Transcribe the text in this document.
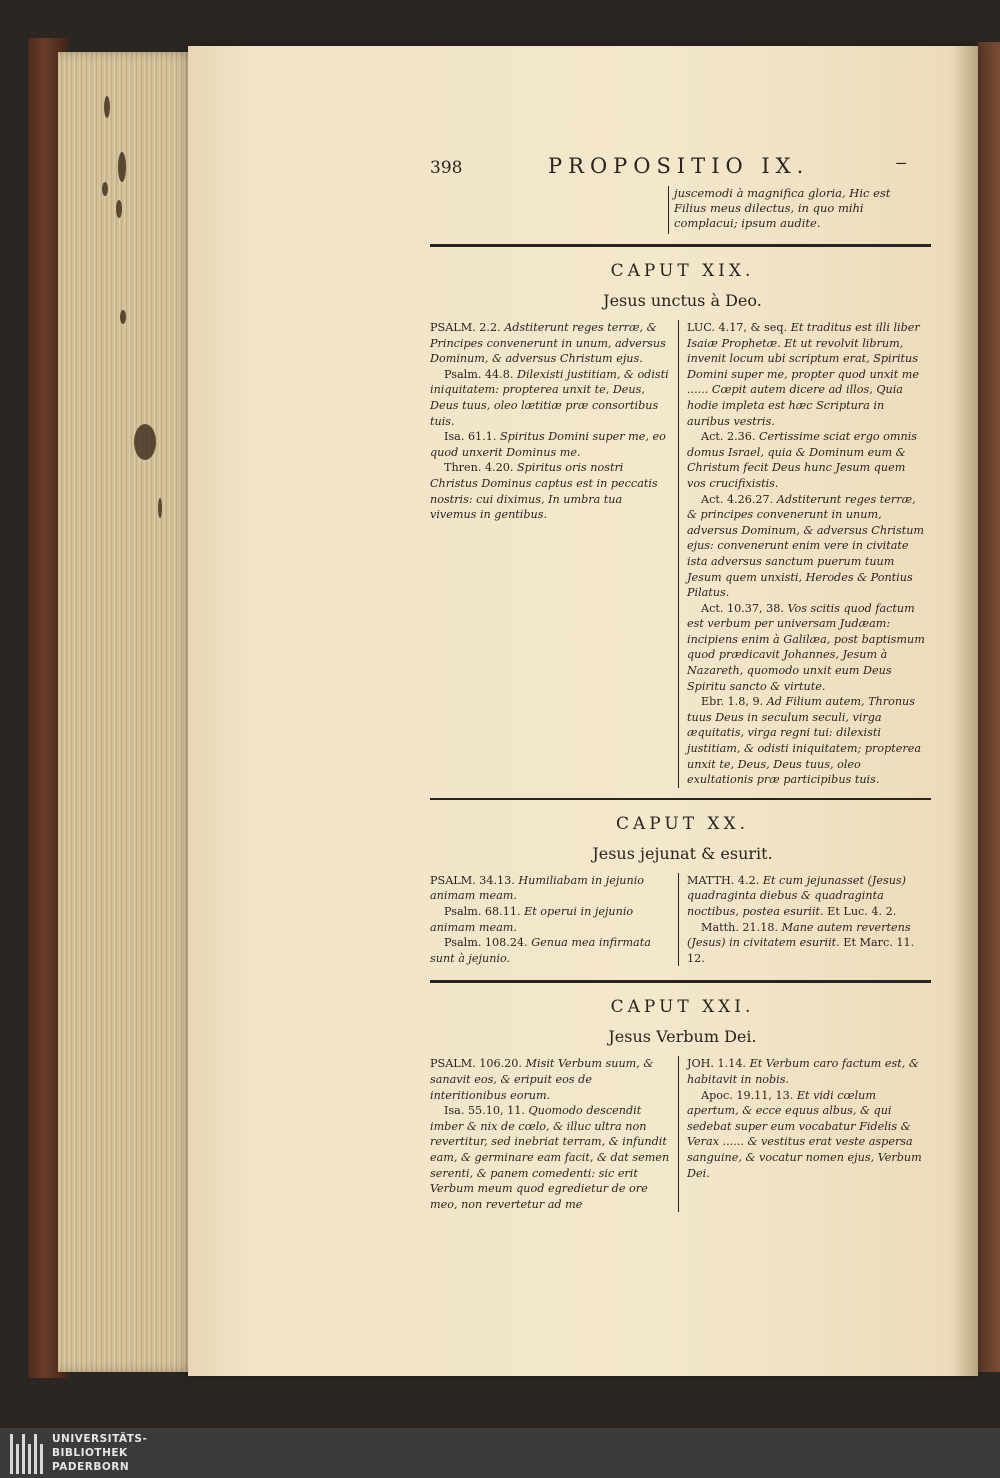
398	PROPOSITIO IX.	‒
juscemodi à magnifica gloria, Hic est Filius meus dilectus, in quo mihi complacui; ipsum audite.
CAPUT XIX.
Jesus unctus à Deo.

PSALM. 2.2. Adstiterunt reges terræ, & Principes convenerunt in unum, adversus Dominum, & adversus Christum ejus.

Psalm. 44.8. Dilexisti justitiam, & odisti iniquitatem: propterea unxit te, Deus, Deus tuus, oleo lætitiæ præ consortibus tuis.

Isa. 61.1. Spiritus Domini super me, eo quod unxerit Dominus me.

Thren. 4.20. Spiritus oris nostri Christus Dominus captus est in peccatis nostris: cui diximus, In umbra tua vivemus in gentibus.

LUC. 4.17, & seq. Et traditus est illi liber Isaiæ Prophetæ. Et ut revolvit librum, invenit locum ubi scriptum erat, Spiritus Domini super me, propter quod unxit me ...... Cœpit autem dicere ad illos, Quia hodie impleta est hæc Scriptura in auribus vestris.

Act. 2.36. Certissime sciat ergo omnis domus Israel, quia & Dominum eum & Christum fecit Deus hunc Jesum quem vos crucifixistis.

Act. 4.26.27. Adstiterunt reges terræ, & principes convenerunt in unum, adversus Dominum, & adversus Christum ejus: convenerunt enim vere in civitate ista adversus sanctum puerum tuum Jesum quem unxisti, Herodes & Pontius Pilatus.

Act. 10.37, 38. Vos scitis quod factum est verbum per universam Judæam: incipiens enim à Galilæa, post baptismum quod prædicavit Johannes, Jesum à Nazareth, quomodo unxit eum Deus Spiritu sancto & virtute.

Ebr. 1.8, 9. Ad Filium autem, Thronus tuus Deus in seculum seculi, virga æquitatis, virga regni tui: dilexisti justitiam, & odisti iniquitatem; propterea unxit te, Deus, Deus tuus, oleo exultationis præ participibus tuis.

CAPUT XX.
Jesus jejunat & esurit.

PSALM. 34.13. Humiliabam in jejunio animam meam.

Psalm. 68.11. Et operui in jejunio animam meam.

Psalm. 108.24. Genua mea infirmata sunt à jejunio.

MATTH. 4.2. Et cum jejunasset (Jesus) quadraginta diebus & quadraginta noctibus, postea esuriit. Et Luc. 4. 2.

Matth. 21.18. Mane autem revertens (Jesus) in civitatem esuriit. Et Marc. 11. 12.

CAPUT XXI.
Jesus Verbum Dei.

PSALM. 106.20. Misit Verbum suum, & sanavit eos, & eripuit eos de interitionibus eorum.

Isa. 55.10, 11. Quomodo descendit imber & nix de cœlo, & illuc ultra non revertitur, sed inebriat terram, & infundit eam, & germinare eam facit, & dat semen serenti, & panem comedenti: sic erit Verbum meum quod egredietur de ore meo, non revertetur ad me

JOH. 1.14. Et Verbum caro factum est, & habitavit in nobis.

Apoc. 19.11, 13. Et vidi cœlum apertum, & ecce equus albus, & qui sedebat super eum vocabatur Fidelis & Verax ...... & vestitus erat veste aspersa sanguine, & vocatur nomen ejus, Verbum Dei.

UNIVERSITÄTS-
BIBLIOTHEK
PADERBORN
